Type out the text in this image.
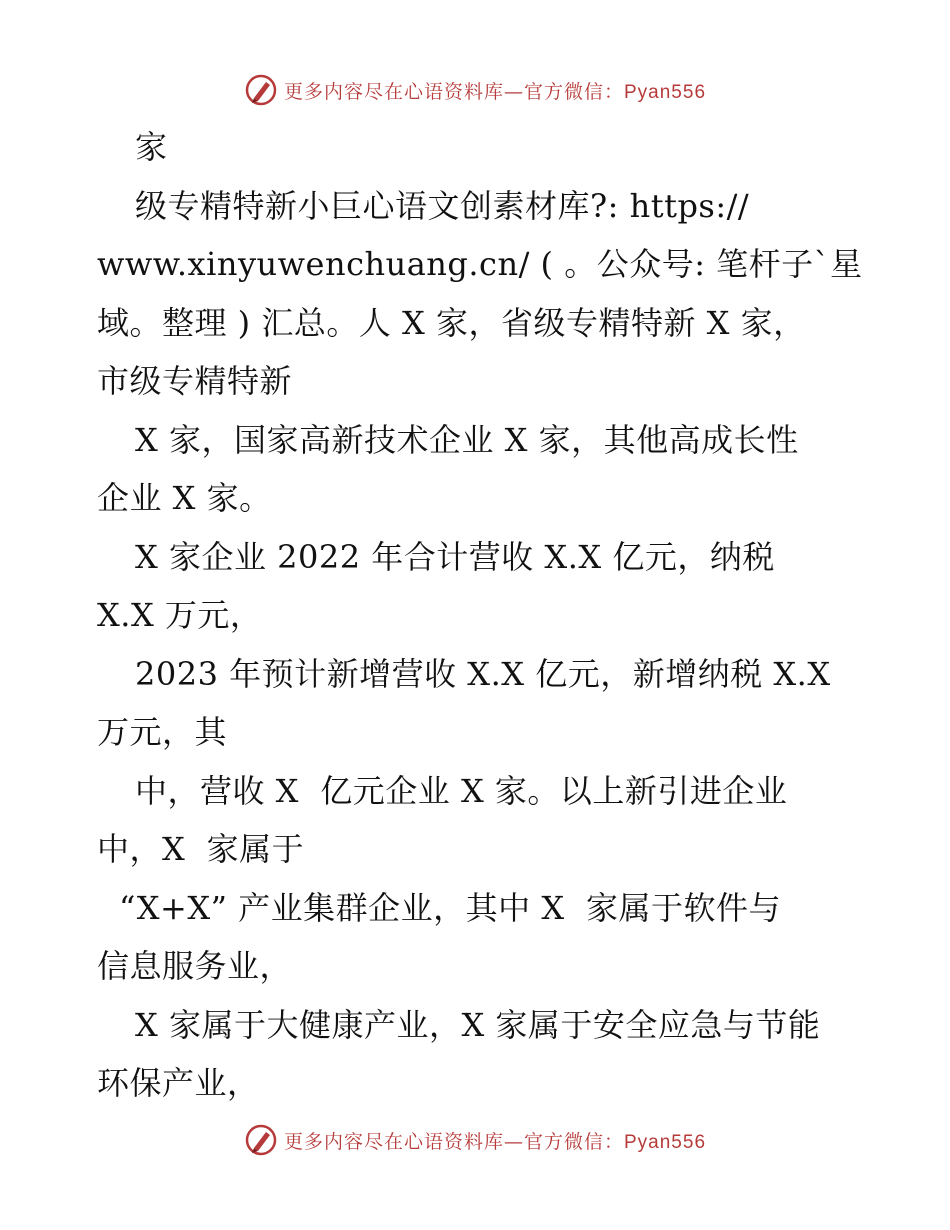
更多内容尽在心语资料库—官方微信：Pyan556
家
级专精特新小巨心语文创素材库?: https://
www.xinyuwenchuang.cn/ ( 。公众号: 笔杆子`星
域。整理 ) 汇总。人 X 家，省级专精特新 X 家，
市级专精特新
X 家，国家高新技术企业 X 家，其他高成长性
企业 X 家。
X 家企业 2022 年合计营收 X.X 亿元，纳税
X.X 万元，
2023 年预计新增营收 X.X 亿元，新增纳税 X.X
万元，其
中，营收 X  亿元企业 X 家。以上新引进企业
中，X  家属于
“X+X” 产业集群企业，其中 X  家属于软件与
信息服务业，
X 家属于大健康产业，X 家属于安全应急与节能
环保产业，
更多内容尽在心语资料库—官方微信：Pyan556
